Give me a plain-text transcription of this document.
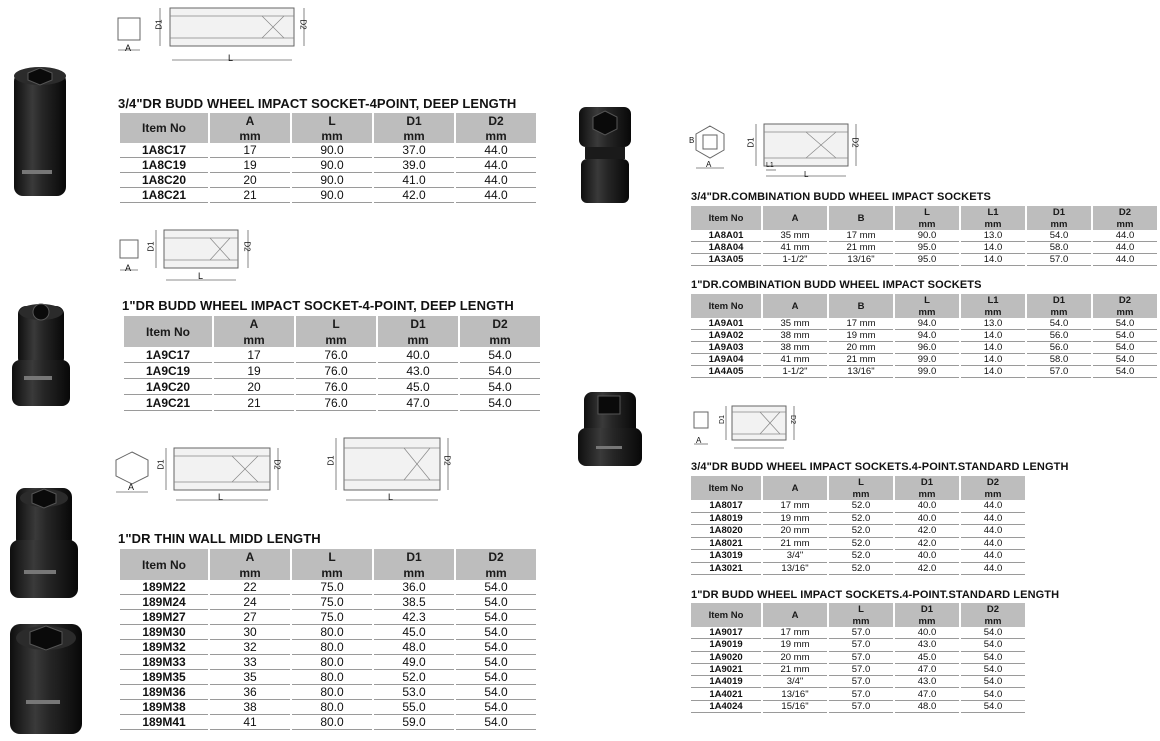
A
D1	D2
L
A
D1	D2
L
A
D1	D2
L
D1	D2
L
B
A
D1	D2
L1
L
A
D1	D2
3/4"DR BUDD WHEEL IMPACT SOCKET-4POINT, DEEP LENGTH
Item No	A	L	D1	D2
	mm	mm	mm	mm
1A8C17	17	90.0	37.0	44.0
1A8C19	19	90.0	39.0	44.0
1A8C20	20	90.0	41.0	44.0
1A8C21	21	90.0	42.0	44.0
1"DR BUDD WHEEL IMPACT SOCKET-4-POINT, DEEP LENGTH
Item No	A	L	D1	D2
	mm	mm	mm	mm
1A9C17	17	76.0	40.0	54.0
1A9C19	19	76.0	43.0	54.0
1A9C20	20	76.0	45.0	54.0
1A9C21	21	76.0	47.0	54.0
1"DR THIN WALL MIDD LENGTH
Item No	A	L	D1	D2
	mm	mm	mm	mm
189M22	22	75.0	36.0	54.0
189M24	24	75.0	38.5	54.0
189M27	27	75.0	42.3	54.0
189M30	30	80.0	45.0	54.0
189M32	32	80.0	48.0	54.0
189M33	33	80.0	49.0	54.0
189M35	35	80.0	52.0	54.0
189M36	36	80.0	53.0	54.0
189M38	38	80.0	55.0	54.0
189M41	41	80.0	59.0	54.0
3/4"DR.COMBINATION BUDD WHEEL IMPACT SOCKETS
Item No	A	B	L	L1	D1	D2
			mm	mm	mm	mm
1A8A01	35 mm	17 mm	90.0	13.0	54.0	44.0
1A8A04	41 mm	21 mm	95.0	14.0	58.0	44.0
1A3A05	1-1/2"	13/16"	95.0	14.0	57.0	44.0
1"DR.COMBINATION BUDD WHEEL IMPACT SOCKETS
Item No	A	B	L	L1	D1	D2
			mm	mm	mm	mm
1A9A01	35 mm	17 mm	94.0	13.0	54.0	54.0
1A9A02	38 mm	19 mm	94.0	14.0	56.0	54.0
1A9A03	38 mm	20 mm	96.0	14.0	56.0	54.0
1A9A04	41 mm	21 mm	99.0	14.0	58.0	54.0
1A4A05	1-1/2"	13/16"	99.0	14.0	57.0	54.0
3/4"DR BUDD WHEEL IMPACT SOCKETS.4-POINT.STANDARD LENGTH
Item No	A	L	D1	D2
		mm	mm	mm
1A8017	17 mm	52.0	40.0	44.0
1A8019	19 mm	52.0	40.0	44.0
1A8020	20 mm	52.0	42.0	44.0
1A8021	21 mm	52.0	42.0	44.0
1A3019	3/4"	52.0	40.0	44.0
1A3021	13/16"	52.0	42.0	44.0
1"DR BUDD WHEEL IMPACT SOCKETS.4-POINT.STANDARD LENGTH
Item No	A	L	D1	D2
		mm	mm	mm
1A9017	17 mm	57.0	40.0	54.0
1A9019	19 mm	57.0	43.0	54.0
1A9020	20 mm	57.0	45.0	54.0
1A9021	21 mm	57.0	47.0	54.0
1A4019	3/4"	57.0	43.0	54.0
1A4021	13/16"	57.0	47.0	54.0
1A4024	15/16"	57.0	48.0	54.0
